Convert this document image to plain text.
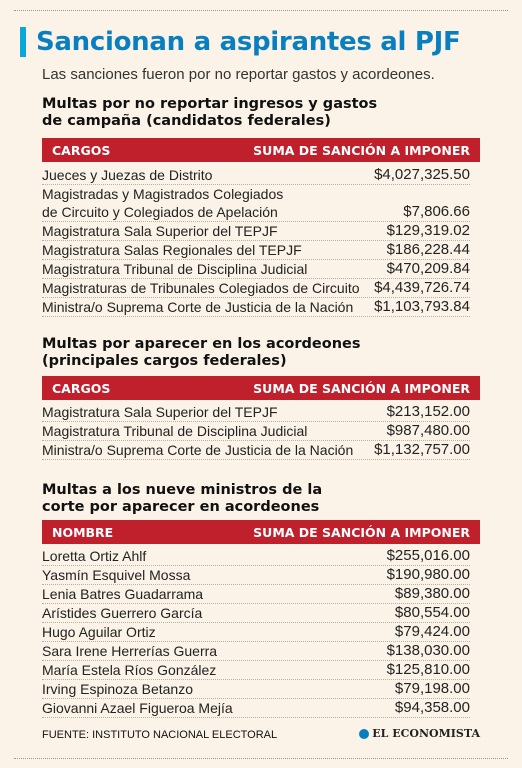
Sancionan a aspirantes al PJF
Las sanciones fueron por no reportar gastos y acordeones.
Multas por no reportar ingresos y gastos
de campaña (candidatos federales)
CARGOS	SUMA DE SANCIÓN A IMPONER
Jueces y Juezas de Distrito	$4,027,325.50
Magistradas y Magistrados Colegiados de Circuito y Colegiados de Apelación	$7,806.66
Magistratura Sala Superior del TEPJF	$129,319.02
Magistratura Salas Regionales del TEPJF	$186,228.44
Magistratura Tribunal de Disciplina Judicial	$470,209.84
Magistraturas de Tribunales Colegiados de Circuito $4,439,726.74
Ministra/o Suprema Corte de Justicia de la Nación $1,103,793.84
Multas por aparecer en los acordeones
(principales cargos federales)
CARGOS	SUMA DE SANCIÓN A IMPONER
Magistratura Sala Superior del TEPJF	$213,152.00
Magistratura Tribunal de Disciplina Judicial	$987,480.00
Ministra/o Suprema Corte de Justicia de la Nación $1,132,757.00
Multas a los nueve ministros de la
corte por aparecer en acordeones
NOMBRE	SUMA DE SANCIÓN A IMPONER
Loretta Ortiz Ahlf	$255,016.00
Yasmín Esquivel Mossa	$190,980.00
Lenia Batres Guadarrama	$89,380.00
Arístides Guerrero García	$80,554.00
Hugo Aguilar Ortiz	$79,424.00
Sara Irene Herrerías Guerra	$138,030.00
María Estela Ríos González	$125,810.00
Irving Espinoza Betanzo	$79,198.00
Giovanni Azael Figueroa Mejía	$94,358.00
FUENTE: INSTITUTO NACIONAL ELECTORAL	EL ECONOMISTA
